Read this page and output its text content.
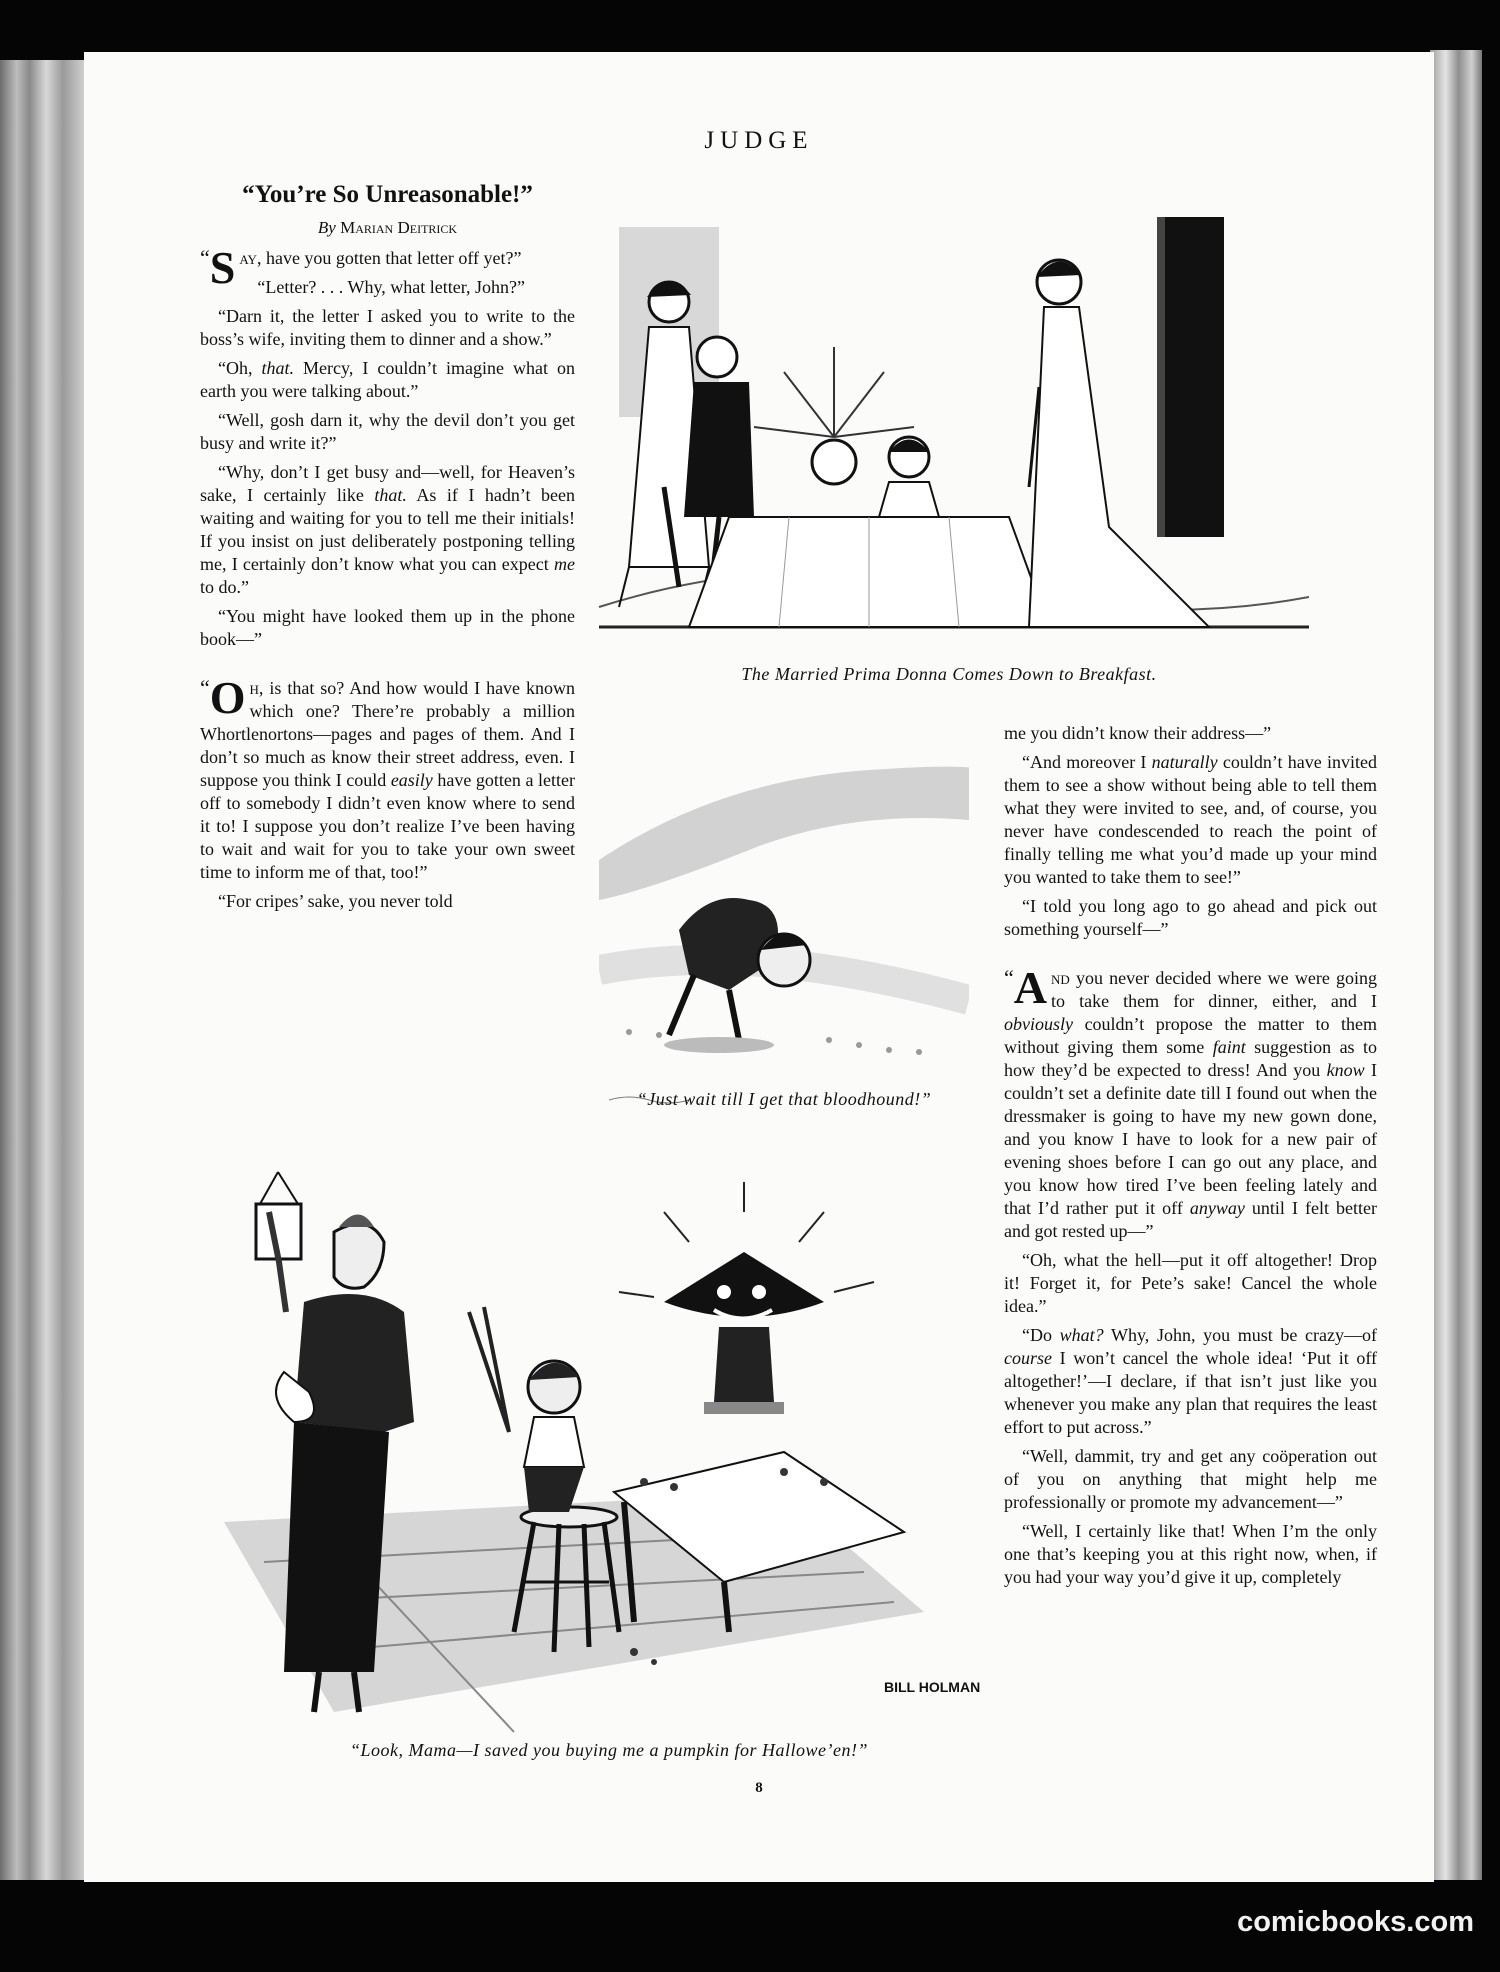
JUDGE
“You’re So Unreasonable!”
By Marian Deitrick

“ S ay, have you gotten that letter off yet?”

“Letter? . . . Why, what letter, John?”

“Darn it, the letter I asked you to write to the boss’s wife, inviting them to dinner and a show.”

“Oh, that. Mercy, I couldn’t imagine what on earth you were talking about.”

“Well, gosh darn it, why the devil don’t you get busy and write it?”

“Why, don’t I get busy and—well, for Heaven’s sake, I certainly like that. As if I hadn’t been waiting and waiting for you to tell me their initials! If you insist on just deliberately postponing telling me, I certainly don’t know what you can expect me to do.”

“You might have looked them up in the phone book—”

“ O h, is that so? And how would I have known which one? There’re probably a million Whortlenortons—pages and pages of them. And I don’t so much as know their street address, even. I suppose you think I could easily have gotten a letter off to somebody I didn’t even know where to send it to! I suppose you don’t realize I’ve been having to wait and wait for you to take your own sweet time to inform me of that, too!”

“For cripes’ sake, you never told

The Married Prima Donna Comes Down to Breakfast.
“Just wait till I get that bloodhound!”

me you didn’t know their address—”

“And moreover I naturally couldn’t have invited them to see a show without being able to tell them what they were invited to see, and, of course, you never have condescended to reach the point of finally telling me what you’d made up your mind you wanted to take them to see!”

“I told you long ago to go ahead and pick out something yourself—”

“ A nd you never decided where we were going to take them for dinner, either, and I obviously couldn’t propose the matter to them without giving them some faint suggestion as to how they’d be expected to dress! And you know I couldn’t set a definite date till I found out when the dressmaker is going to have my new gown done, and you know I have to look for a new pair of evening shoes before I can go out any place, and you know how tired I’ve been feeling lately and that I’d rather put it off anyway until I felt better and got rested up—”

“Oh, what the hell—put it off altogether! Drop it! Forget it, for Pete’s sake! Cancel the whole idea.”

“Do what? Why, John, you must be crazy—of course I won’t cancel the whole idea! ‘Put it off altogether!’—I declare, if that isn’t just like you whenever you make any plan that requires the least effort to put across.”

“Well, dammit, try and get any coöperation out of you on anything that might help me professionally or promote my advancement—”

“Well, I certainly like that! When I’m the only one that’s keeping you at this right now, when, if you had your way you’d give it up, completely

BILL HOLMAN
“Look, Mama—I saved you buying me a pumpkin for Halloweʼen!”
8
comicbooks.com
